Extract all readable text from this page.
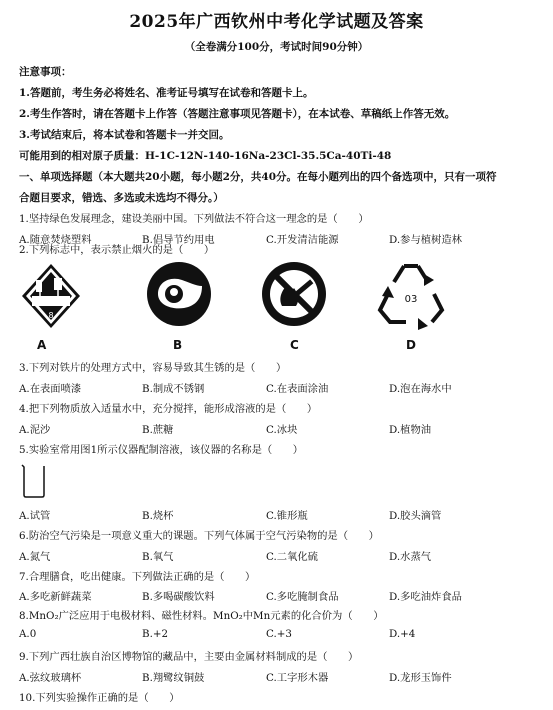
2025年广西钦州中考化学试题及答案
（全卷满分100分，考试时间90分钟）
注意事项：
1.答题前，考生务必将姓名、准考证号填写在试卷和答题卡上。
2.考生作答时，请在答题卡上作答（答题注意事项见答题卡），在本试卷、草稿纸上作答无效。
3.考试结束后，将本试卷和答题卡一并交回。
可能用到的相对原子质量：H-1C-12N-140-16Na-23Cl-35.5Ca-40Ti-48
一、单项选择题（本大题共20小题，每小题2分，共40分。在每小题列出的四个备选项中，只有一项符
合题目要求，错选、多选或未选均不得分。）
1.坚持绿色发展理念，建设美丽中国。下列做法不符合这一理念的是（　　）
A.随意焚烧塑料	B.倡导节约用电	C.开发清洁能源	D.参与植树造林
2.下列标志中，表示禁止烟火的是（　　）
8
A	B	C
03
D
3.下列对铁片的处理方式中，容易导致其生锈的是（　　）
A.在表面喷漆	B.制成不锈钢	C.在表面涂油	D.泡在海水中
4.把下列物质放入适量水中，充分搅拌，能形成溶液的是（　　）
A.泥沙	B.蔗糖	C.冰块	D.植物油
5.实验室常用图1所示仪器配制溶液，该仪器的名称是（　　）
A.试管	B.烧杯	C.锥形瓶	D.胶头滴管
6.防治空气污染是一项意义重大的课题。下列气体属于空气污染物的是（　　）
A.氮气	B.氧气	C.二氧化硫	D.水蒸气
7.合理膳食，吃出健康。下列做法正确的是（　　）
A.多吃新鲜蔬菜	B.多喝碳酸饮料	C.多吃腌制食品	D.多吃油炸食品
8.MnO₂广泛应用于电极材料、磁性材料。MnO₂中Mn元素的化合价为（　　）
A.0	B.+2	C.+3	D.+4
9.下列广西壮族自治区博物馆的藏品中，主要由金属材料制成的是（　　）
A.弦纹玻璃杯	B.翔鹭纹铜鼓	C.工字形木器	D.龙形玉饰件
10.下列实验操作正确的是（　　）
